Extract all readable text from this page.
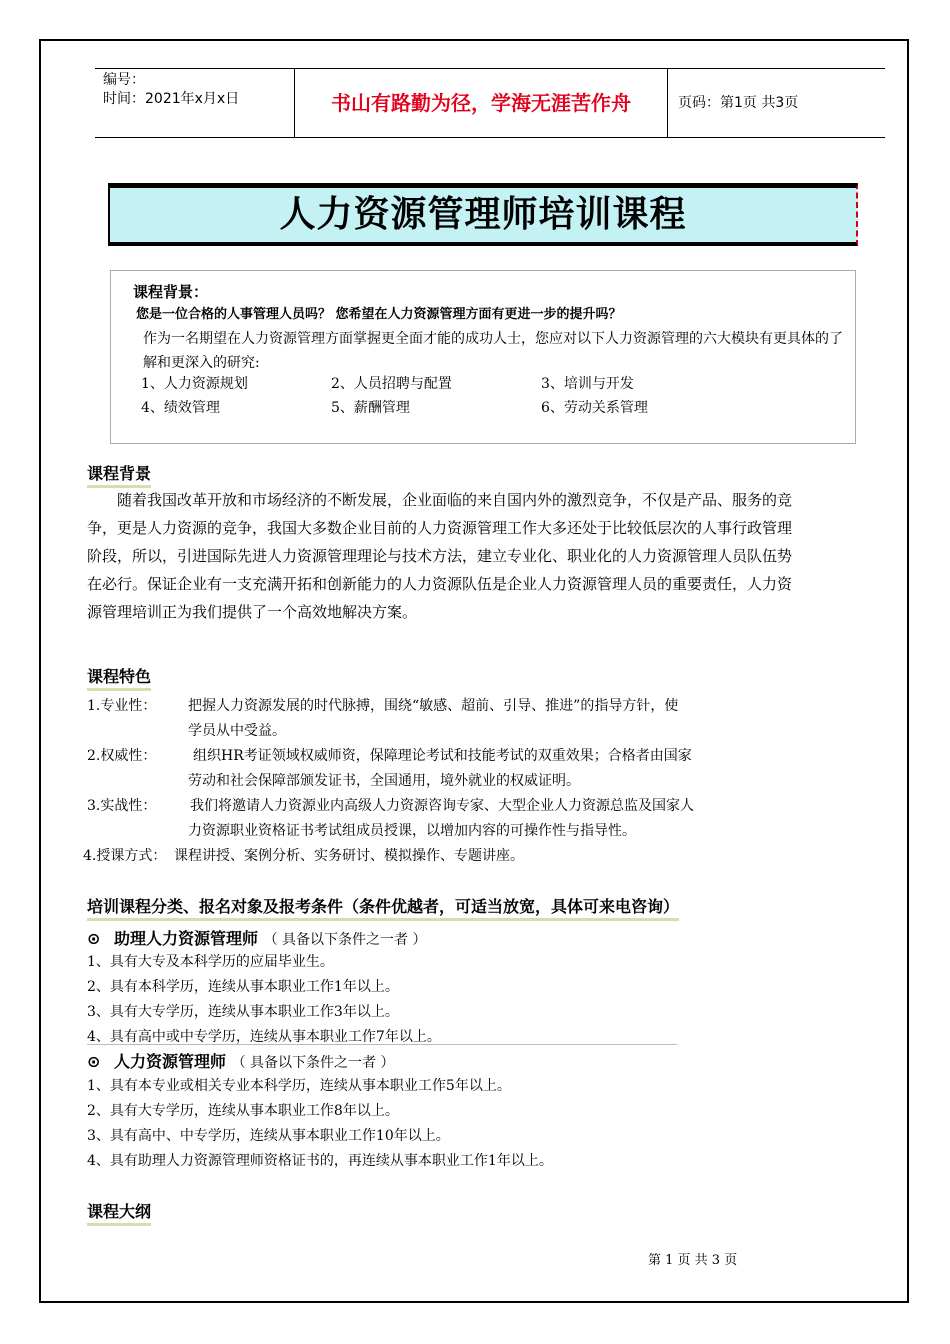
编号：
时间：2021年x月x日	书山有路勤为径，学海无涯苦作舟	页码：第1页 共3页
人力资源管理师培训课程
课程背景：
您是一位合格的人事管理人员吗？ 您希望在人力资源管理方面有更进一步的提升吗？
作为一名期望在人力资源管理方面掌握更全面才能的成功人士，您应对以下人力资源管理的六大模块有更具体的了解和更深入的研究:
1、人力资源规划	2、人员招聘与配置	3、培训与开发
4、绩效管理	5、薪酬管理	6、劳动关系管理
课程背景
随着我国改革开放和市场经济的不断发展，企业面临的来自国内外的激烈竞争，不仅是产品、服务的竞争，更是人力资源的竞争，我国大多数企业目前的人力资源管理工作大多还处于比较低层次的人事行政管理阶段，所以，引进国际先进人力资源管理理论与技术方法，建立专业化、职业化的人力资源管理人员队伍势在必行。保证企业有一支充满开拓和创新能力的人力资源队伍是企业人力资源管理人员的重要责任，人力资源管理培训正为我们提供了一个高效地解决方案。
课程特色
1.专业性： 把握人力资源发展的时代脉搏，围绕“敏感、超前、引导、推进”的指导方针，使
学员从中受益。
2.权威性：	组织HR考证领域权威师资，保障理论考试和技能考试的双重效果；合格者由国家
劳动和社会保障部颁发证书，全国通用，境外就业的权威证明。
3.实战性： 我们将邀请人力资源业内高级人力资源咨询专家、大型企业人力资源总监及国家人
力资源职业资格证书考试组成员授课，以增加内容的可操作性与指导性。
4.授课方式： 课程讲授、案例分析、实务研讨、模拟操作、专题讲座。
培训课程分类、报名对象及报考条件（条件优越者，可适当放宽，具体可来电咨询）
⊙ 助理人力资源管理师 （ 具备以下条件之一者 ）
1、具有大专及本科学历的应届毕业生。
2、具有本科学历，连续从事本职业工作1年以上。
3、具有大专学历，连续从事本职业工作3年以上。
4、具有高中或中专学历，连续从事本职业工作7年以上。
⊙ 人力资源管理师 （ 具备以下条件之一者 ）
1、具有本专业或相关专业本科学历，连续从事本职业工作5年以上。
2、具有大专学历，连续从事本职业工作8年以上。
3、具有高中、中专学历，连续从事本职业工作10年以上。
4、具有助理人力资源管理师资格证书的，再连续从事本职业工作1年以上。
课程大纲
第 1 页 共 3 页
